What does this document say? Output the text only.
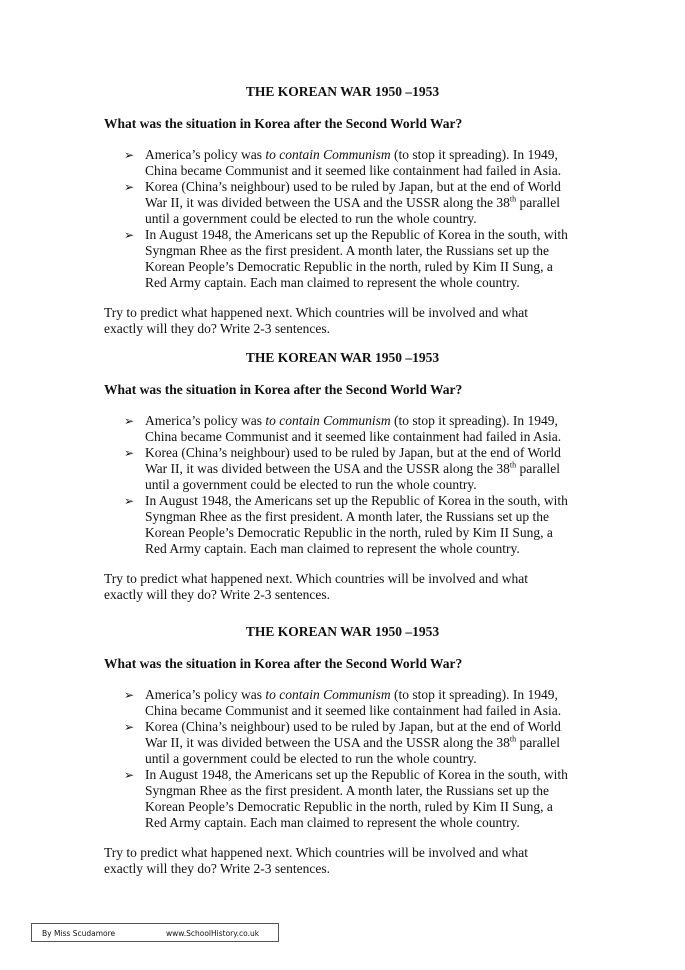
THE KOREAN WAR 1950 –1953
What was the situation in Korea after the Second World War?
➢ America’s policy was to contain Communism (to stop it spreading). In 1949,
China became Communist and it seemed like containment had failed in Asia.
➢ Korea (China’s neighbour) used to be ruled by Japan, but at the end of World
War II, it was divided between the USA and the USSR along the 38th parallel
until a government could be elected to run the whole country.
➢ In August 1948, the Americans set up the Republic of Korea in the south, with
Syngman Rhee as the first president. A month later, the Russians set up the
Korean People’s Democratic Republic in the north, ruled by Kim II Sung, a
Red Army captain. Each man claimed to represent the whole country.
Try to predict what happened next. Which countries will be involved and what
exactly will they do? Write 2-3 sentences.
THE KOREAN WAR 1950 –1953
What was the situation in Korea after the Second World War?
➢ America’s policy was to contain Communism (to stop it spreading). In 1949,
China became Communist and it seemed like containment had failed in Asia.
➢ Korea (China’s neighbour) used to be ruled by Japan, but at the end of World
War II, it was divided between the USA and the USSR along the 38th parallel
until a government could be elected to run the whole country.
➢ In August 1948, the Americans set up the Republic of Korea in the south, with
Syngman Rhee as the first president. A month later, the Russians set up the
Korean People’s Democratic Republic in the north, ruled by Kim II Sung, a
Red Army captain. Each man claimed to represent the whole country.
Try to predict what happened next. Which countries will be involved and what
exactly will they do? Write 2-3 sentences.
THE KOREAN WAR 1950 –1953
What was the situation in Korea after the Second World War?
➢ America’s policy was to contain Communism (to stop it spreading). In 1949,
China became Communist and it seemed like containment had failed in Asia.
➢ Korea (China’s neighbour) used to be ruled by Japan, but at the end of World
War II, it was divided between the USA and the USSR along the 38th parallel
until a government could be elected to run the whole country.
➢ In August 1948, the Americans set up the Republic of Korea in the south, with
Syngman Rhee as the first president. A month later, the Russians set up the
Korean People’s Democratic Republic in the north, ruled by Kim II Sung, a
Red Army captain. Each man claimed to represent the whole country.
Try to predict what happened next. Which countries will be involved and what
exactly will they do? Write 2-3 sentences.
By Miss Scudamore	www.SchoolHistory.co.uk
